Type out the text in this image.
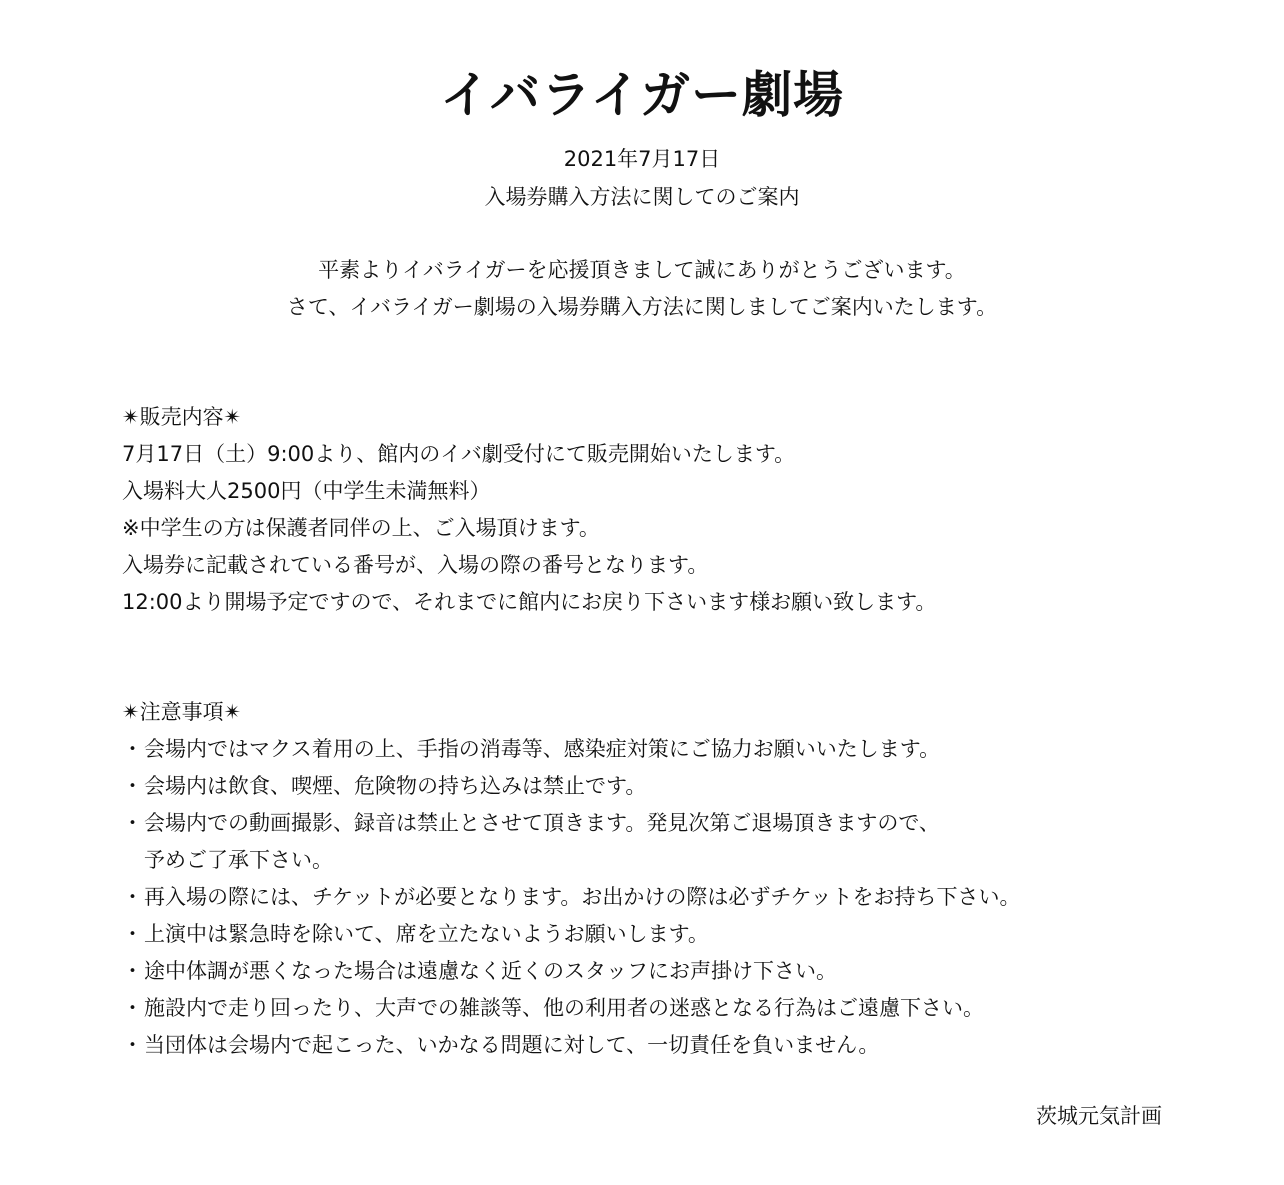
イバライガー劇場
2021年7月17日
入場券購入方法に関してのご案内
平素よりイバライガーを応援頂きまして誠にありがとうございます。
さて、イバライガー劇場の入場券購入方法に関しましてご案内いたします。
✴︎販売内容✴︎
7月17日（土）9:00より、館内のイバ劇受付にて販売開始いたします。
入場料大人2500円（中学生未満無料）
※中学生の方は保護者同伴の上、ご入場頂けます。
入場券に記載されている番号が、入場の際の番号となります。
12:00より開場予定ですので、それまでに館内にお戻り下さいます様お願い致します。
✴︎注意事項✴︎
・ 会場内ではマクス着用の上、手指の消毒等、感染症対策にご協力お願いいたします。
・ 会場内は飲食、喫煙、危険物の持ち込みは禁止です。
・ 会場内での動画撮影、録音は禁止とさせて頂きます。発見次第ご退場頂きますので、
予めご了承下さい。
・ 再入場の際には、チケットが必要となります。お出かけの際は必ずチケットをお持ち下さい。
・ 上演中は緊急時を除いて、席を立たないようお願いします。
・ 途中体調が悪くなった場合は遠慮なく近くのスタッフにお声掛け下さい。
・ 施設内で走り回ったり、大声での雑談等、他の利用者の迷惑となる行為はご遠慮下さい。
・ 当団体は会場内で起こった、いかなる問題に対して、一切責任を負いません。
茨城元気計画
